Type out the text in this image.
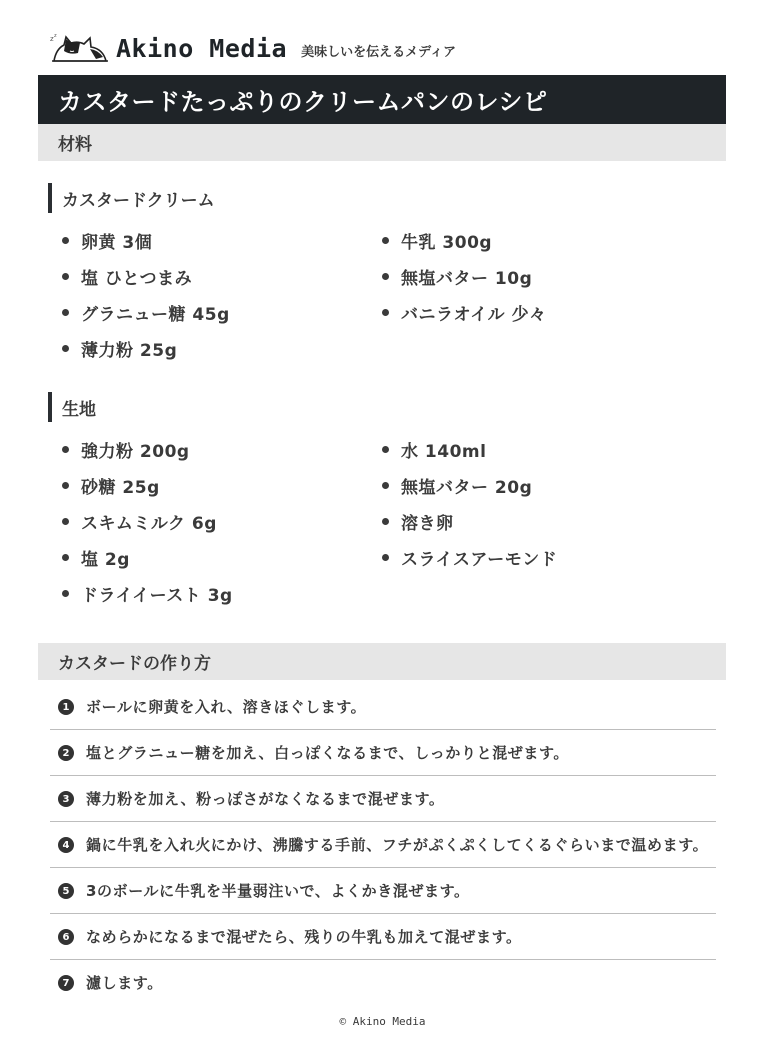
z z Akino Media 美味しいを伝えるメディア
カスタードたっぷりのクリームパンのレシピ
材料
カスタードクリーム
卵黄 3個
塩 ひとつまみ
グラニュー糖 45g
薄力粉 25g
牛乳 300g
無塩バター 10g
バニラオイル 少々
生地
強力粉 200g
砂糖 25g
スキムミルク 6g
塩 2g
ドライイースト 3g
水 140ml
無塩バター 20g
溶き卵
スライスアーモンド
カスタードの作り方
1	ボールに卵黄を入れ、溶きほぐします。
2	塩とグラニュー糖を加え、白っぽくなるまで、しっかりと混ぜます。
3	薄力粉を加え、粉っぽさがなくなるまで混ぜます。
4	鍋に牛乳を入れ火にかけ、沸騰する手前、フチがぷくぷくしてくるぐらいまで温めます。
5	3のボールに牛乳を半量弱注いで、よくかき混ぜます。
6	なめらかになるまで混ぜたら、残りの牛乳も加えて混ぜます。
7	濾します。
© Akino Media
